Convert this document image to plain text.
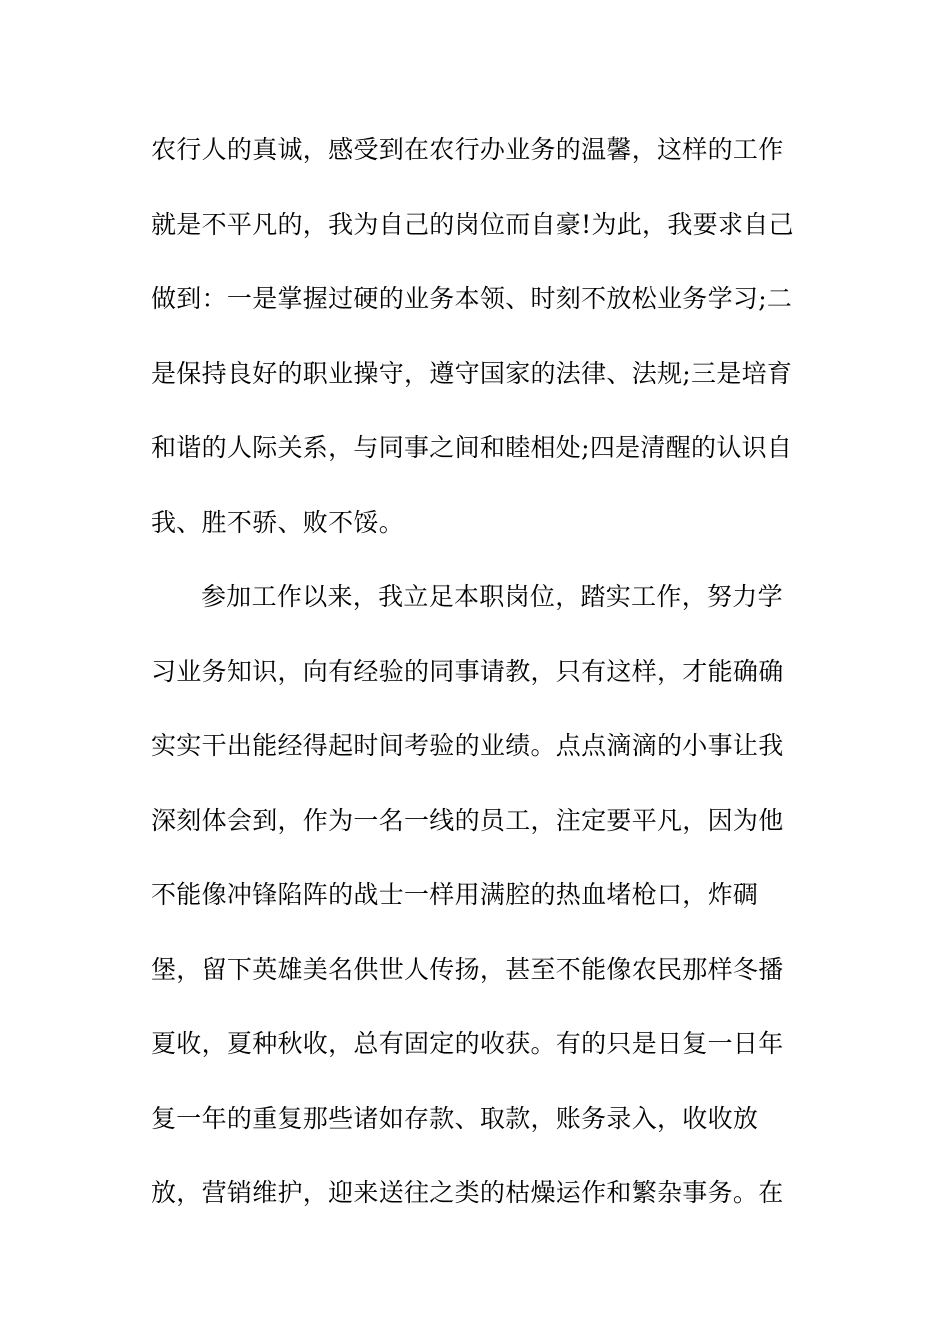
农行人的真诚，感受到在农行办业务的温馨，这样的工作
就是不平凡的，我为自己的岗位而自豪!为此，我要求自己
做到：一是掌握过硬的业务本领、时刻不放松业务学习;二
是保持良好的职业操守，遵守国家的法律、法规;三是培育
和谐的人际关系，与同事之间和睦相处;四是清醒的认识自
我、胜不骄、败不馁。
参加工作以来，我立足本职岗位，踏实工作，努力学
习业务知识，向有经验的同事请教，只有这样，才能确确
实实干出能经得起时间考验的业绩。点点滴滴的小事让我
深刻体会到，作为一名一线的员工，注定要平凡，因为他
不能像冲锋陷阵的战士一样用满腔的热血堵枪口，炸碉
堡，留下英雄美名供世人传扬，甚至不能像农民那样冬播
夏收，夏种秋收，总有固定的收获。有的只是日复一日年
复一年的重复那些诸如存款、取款，账务录入，收收放
放，营销维护，迎来送往之类的枯燥运作和繁杂事务。在
